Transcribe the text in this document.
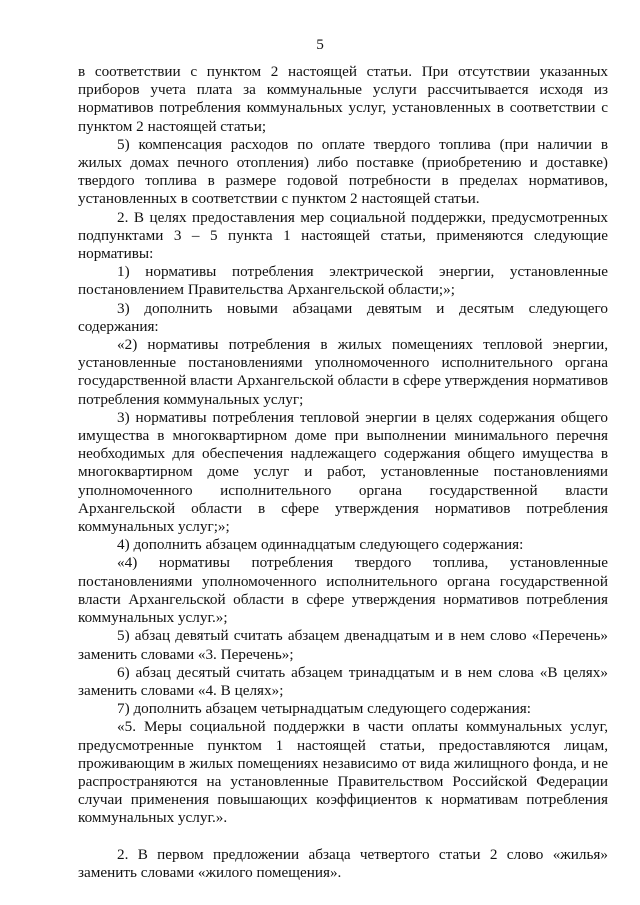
5

в соответствии с пунктом 2 настоящей статьи. При отсутствии указанных приборов учета плата за коммунальные услуги рассчитывается исходя из нормативов потребления коммунальных услуг, установленных в соответствии с пунктом 2 настоящей статьи;

5) компенсация расходов по оплате твердого топлива (при наличии в жилых домах печного отопления) либо поставке (приобретению и доставке) твердого топлива в размере годовой потребности в пределах нормативов, установленных в соответствии с пунктом 2 настоящей статьи.

2. В целях предоставления мер социальной поддержки, предусмотренных подпунктами 3 – 5 пункта 1 настоящей статьи, применяются следующие нормативы:

1) нормативы потребления электрической энергии, установленные постановлением Правительства Архангельской области;»;

3) дополнить новыми абзацами девятым и десятым следующего содержания:

«2) нормативы потребления в жилых помещениях тепловой энергии, установленные постановлениями уполномоченного исполнительного органа государственной власти Архангельской области в сфере утверждения нормативов потребления коммунальных услуг;

3) нормативы потребления тепловой энергии в целях содержания общего имущества в многоквартирном доме при выполнении минимального перечня необходимых для обеспечения надлежащего содержания общего имущества в многоквартирном доме услуг и работ, установленные постановлениями уполномоченного исполнительного органа государственной власти Архангельской области в сфере утверждения нормативов потребления коммунальных услуг;»;

4) дополнить абзацем одиннадцатым следующего содержания:

«4) нормативы потребления твердого топлива, установленные постановлениями уполномоченного исполнительного органа государственной власти Архангельской области в сфере утверждения нормативов потребления коммунальных услуг.»;

5) абзац девятый считать абзацем двенадцатым и в нем слово «Перечень» заменить словами «3. Перечень»;

6) абзац десятый считать абзацем тринадцатым и в нем слова «В целях» заменить словами «4. В целях»;

7) дополнить абзацем четырнадцатым следующего содержания:

«5. Меры социальной поддержки в части оплаты коммунальных услуг, предусмотренные пунктом 1 настоящей статьи, предоставляются лицам, проживающим в жилых помещениях независимо от вида жилищного фонда, и не распространяются на установленные Правительством Российской Федерации случаи применения повышающих коэффициентов к нормативам потребления коммунальных услуг.».

2. В первом предложении абзаца четвертого статьи 2 слово «жилья» заменить словами «жилого помещения».
